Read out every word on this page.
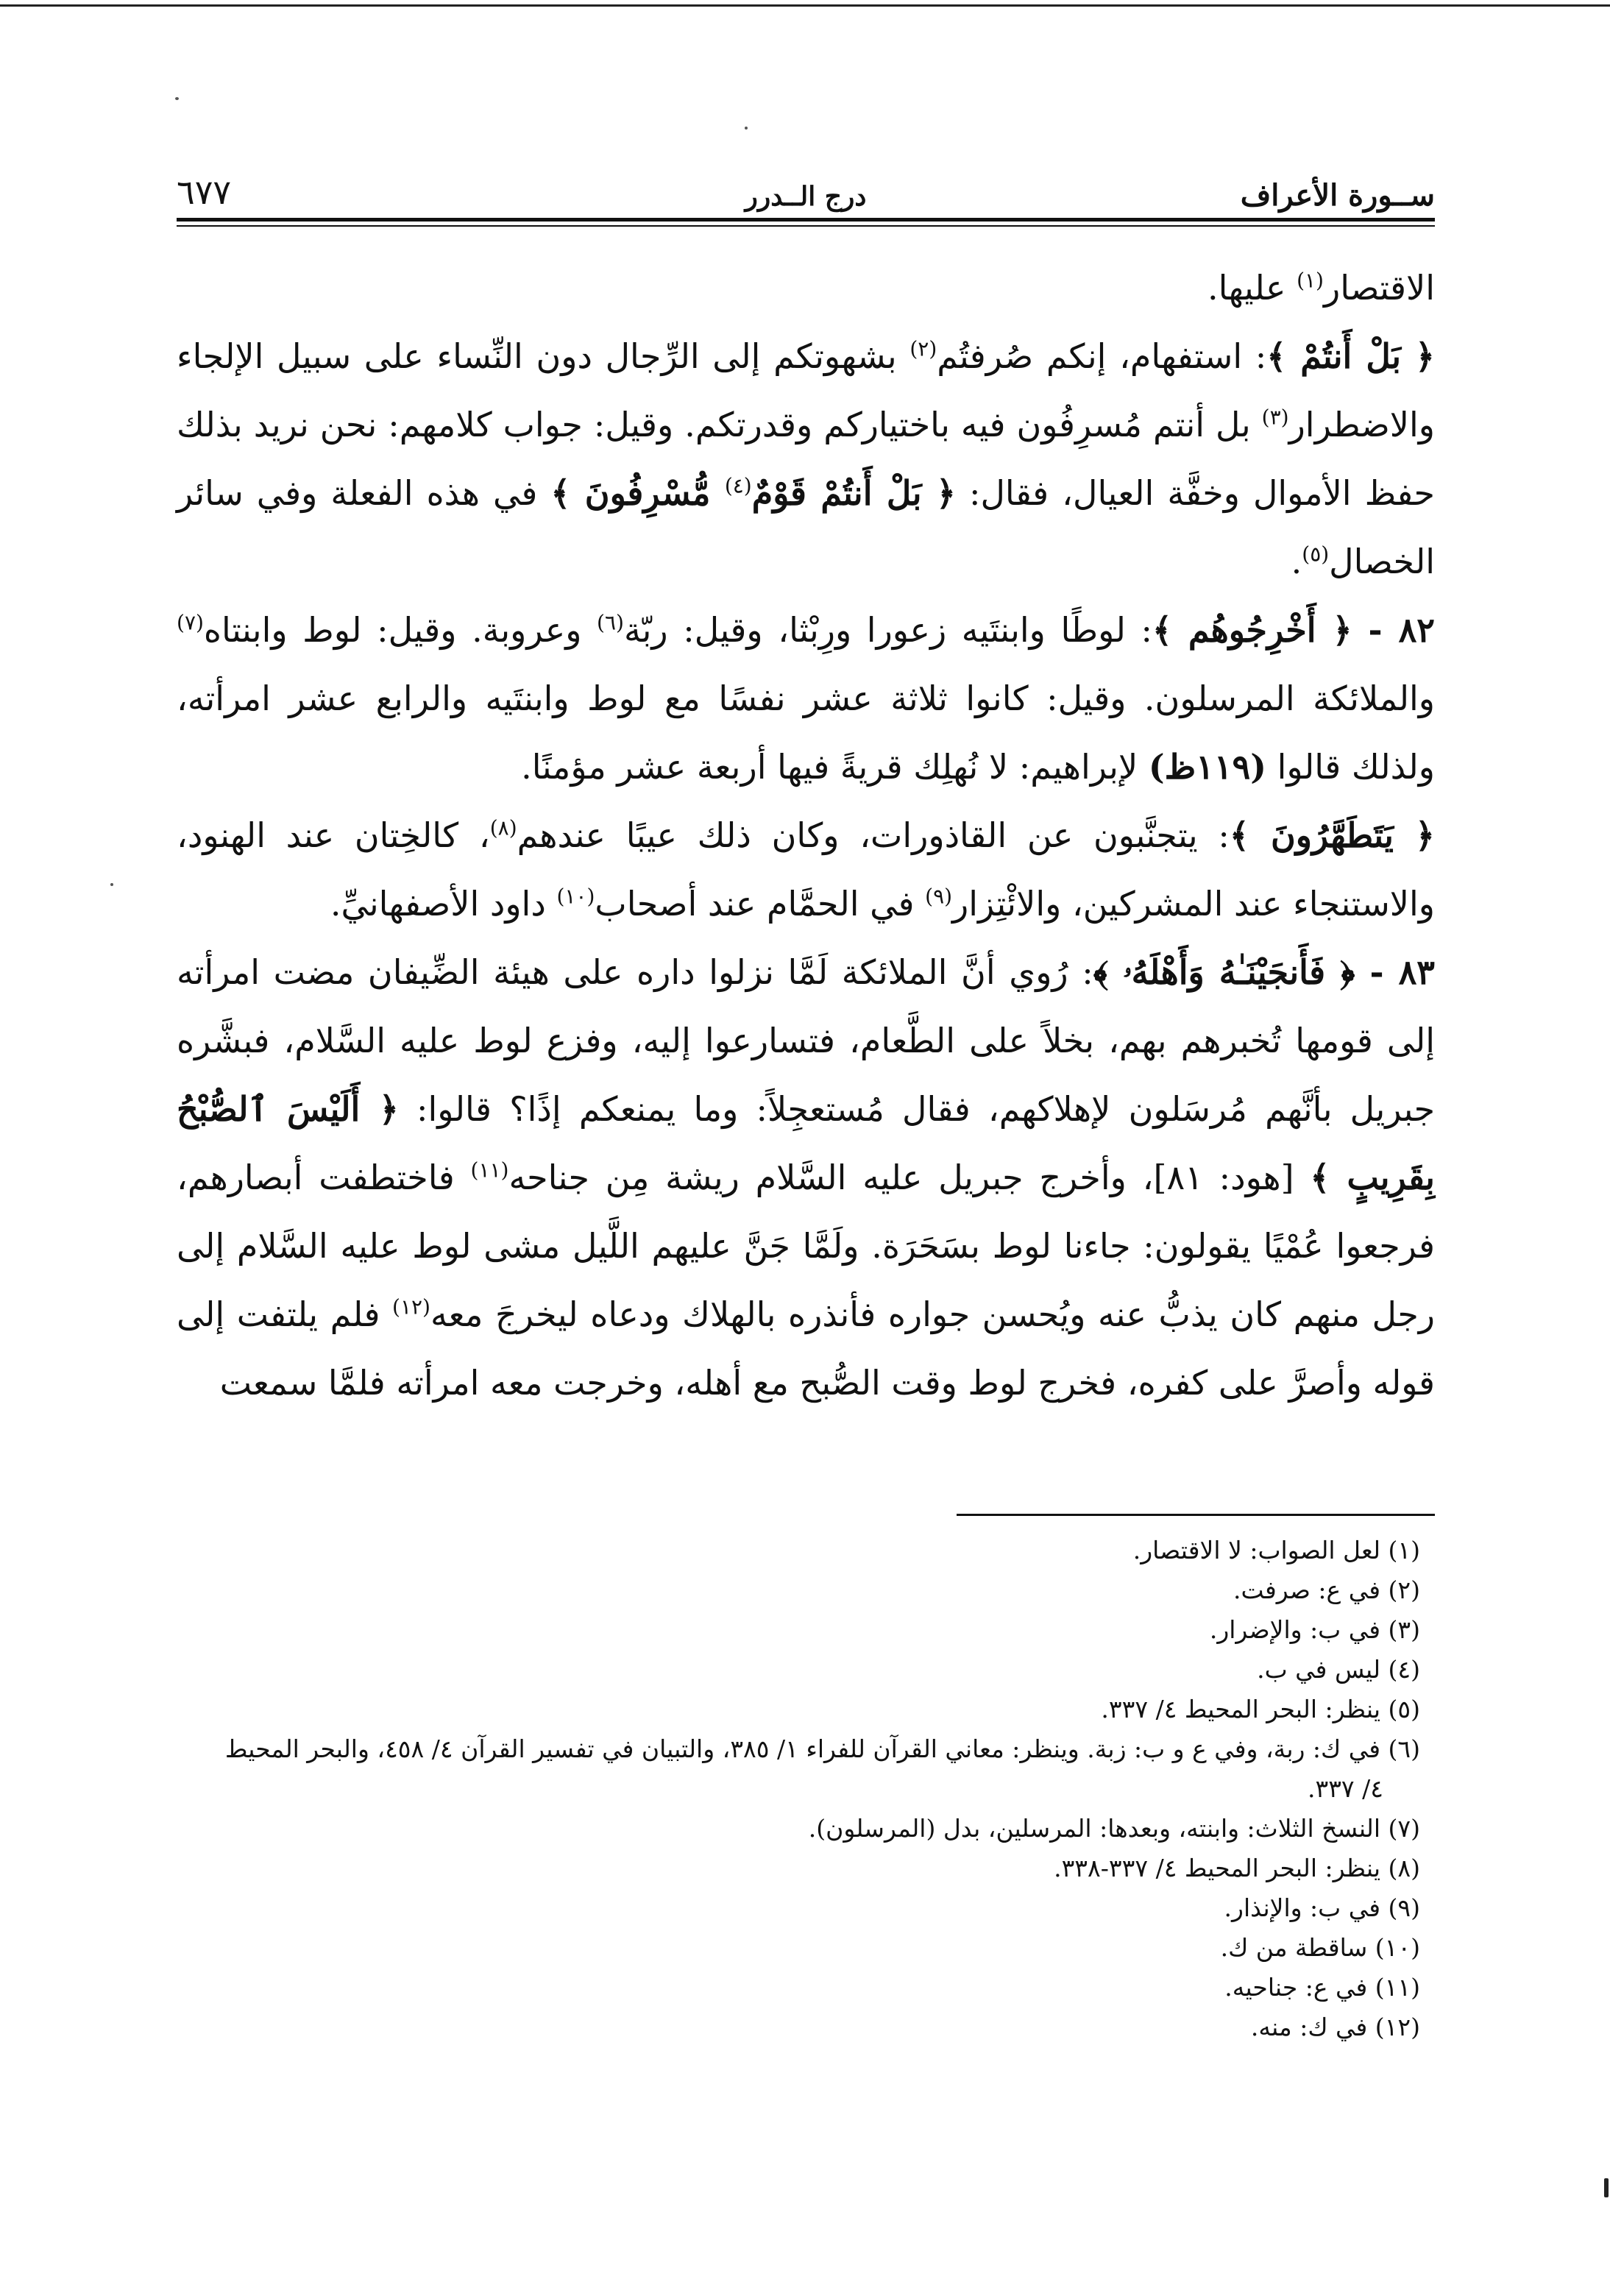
ســورة الأعراف
درج الــدرر
٦٧٧

الاقتصار$^{(١)}$ عليها.

﴿ بَلْ أَنتُمْ ﴾: استفهام، إنكم صُرفتُم$^{(٢)}$ بشهوتكم إلى الرِّجال دون النِّساء على سبيل الإلجاء والاضطرار$^{(٣)}$ بل أنتم مُسرِفُون فيه باختياركم وقدرتكم. وقيل: جواب كلامهم: نحن نريد بذلك حفظ الأموال وخفَّة العيال، فقال: ﴿ بَلْ أَنتُمْ قَوْمٌ$^{(٤)}$ مُّسْرِفُونَ ﴾ في هذه الفعلة وفي سائر الخصال$^{(٥)}$.

٨٢ - ﴿ أَخْرِجُوهُم ﴾: لوطًا وابنتَيه زعورا ورِبْثا، وقيل: ربّة$^{(٦)}$ وعروبة. وقيل: لوط وابنتاه$^{(٧)}$ والملائكة المرسلون. وقيل: كانوا ثلاثة عشر نفسًا مع لوط وابنتَيه والرابع عشر امرأته، ولذلك قالوا (١١٩ظ) لإبراهيم: لا نُهلِك قريةً فيها أربعة عشر مؤمنًا.

﴿ يَتَطَهَّرُونَ ﴾: يتجنَّبون عن القاذورات، وكان ذلك عيبًا عندهم$^{(٨)}$، كالخِتان عند الهنود، والاستنجاء عند المشركين، والائْتِزار$^{(٩)}$ في الحمَّام عند أصحاب$^{(١٠)}$ داود الأصفهانيِّ.

٨٣ - ﴿ فَأَنجَيْنَـٰهُ وَأَهْلَهُۥ ﴾: رُوي أنَّ الملائكة لَمَّا نزلوا داره على هيئة الضِّيفان مضت امرأته إلى قومها تُخبرهم بهم، بخلاً على الطَّعام، فتسارعوا إليه، وفزع لوط عليه السَّلام، فبشَّره جبريل بأنَّهم مُرسَلون لإهلاكهم، فقال مُستعجِلاً: وما يمنعكم إذًا؟ قالوا: ﴿ أَلَيْسَ ٱلصُّبْحُ بِقَرِيبٍ ﴾ [هود: ٨١]، وأخرج جبريل عليه السَّلام ريشة مِن جناحه$^{(١١)}$ فاختطفت أبصارهم، فرجعوا عُمْيًا يقولون: جاءنا لوط بسَحَرَة. ولَمَّا جَنَّ عليهم اللَّيل مشى لوط عليه السَّلام إلى رجل منهم كان يذبُّ عنه ويُحسن جواره فأنذره بالهلاك ودعاه ليخرجَ معه$^{(١٢)}$ فلم يلتفت إلى قوله وأصرَّ على كفره، فخرج لوط وقت الصُّبح مع أهله، وخرجت معه امرأته فلمَّا سمعت

(١) لعل الصواب: لا الاقتصار.

(٢) في ع: صرفت.

(٣) في ب: والإضرار.

(٤) ليس في ب.

(٥) ينظر: البحر المحيط ٤/ ٣٣٧.

(٦) في ك: ربة، وفي ع و ب: زبة. وينظر: معاني القرآن للفراء ١/ ٣٨٥، والتبيان في تفسير القرآن ٤/ ٤٥٨، والبحر المحيط

٤/ ٣٣٧.

(٧) النسخ الثلاث: وابنته، وبعدها: المرسلين، بدل (المرسلون).

(٨) ينظر: البحر المحيط ٤/ ٣٣٧-٣٣٨.

(٩) في ب: والإنذار.

(١٠) ساقطة من ك.

(١١) في ع: جناحيه.

(١٢) في ك: منه.
